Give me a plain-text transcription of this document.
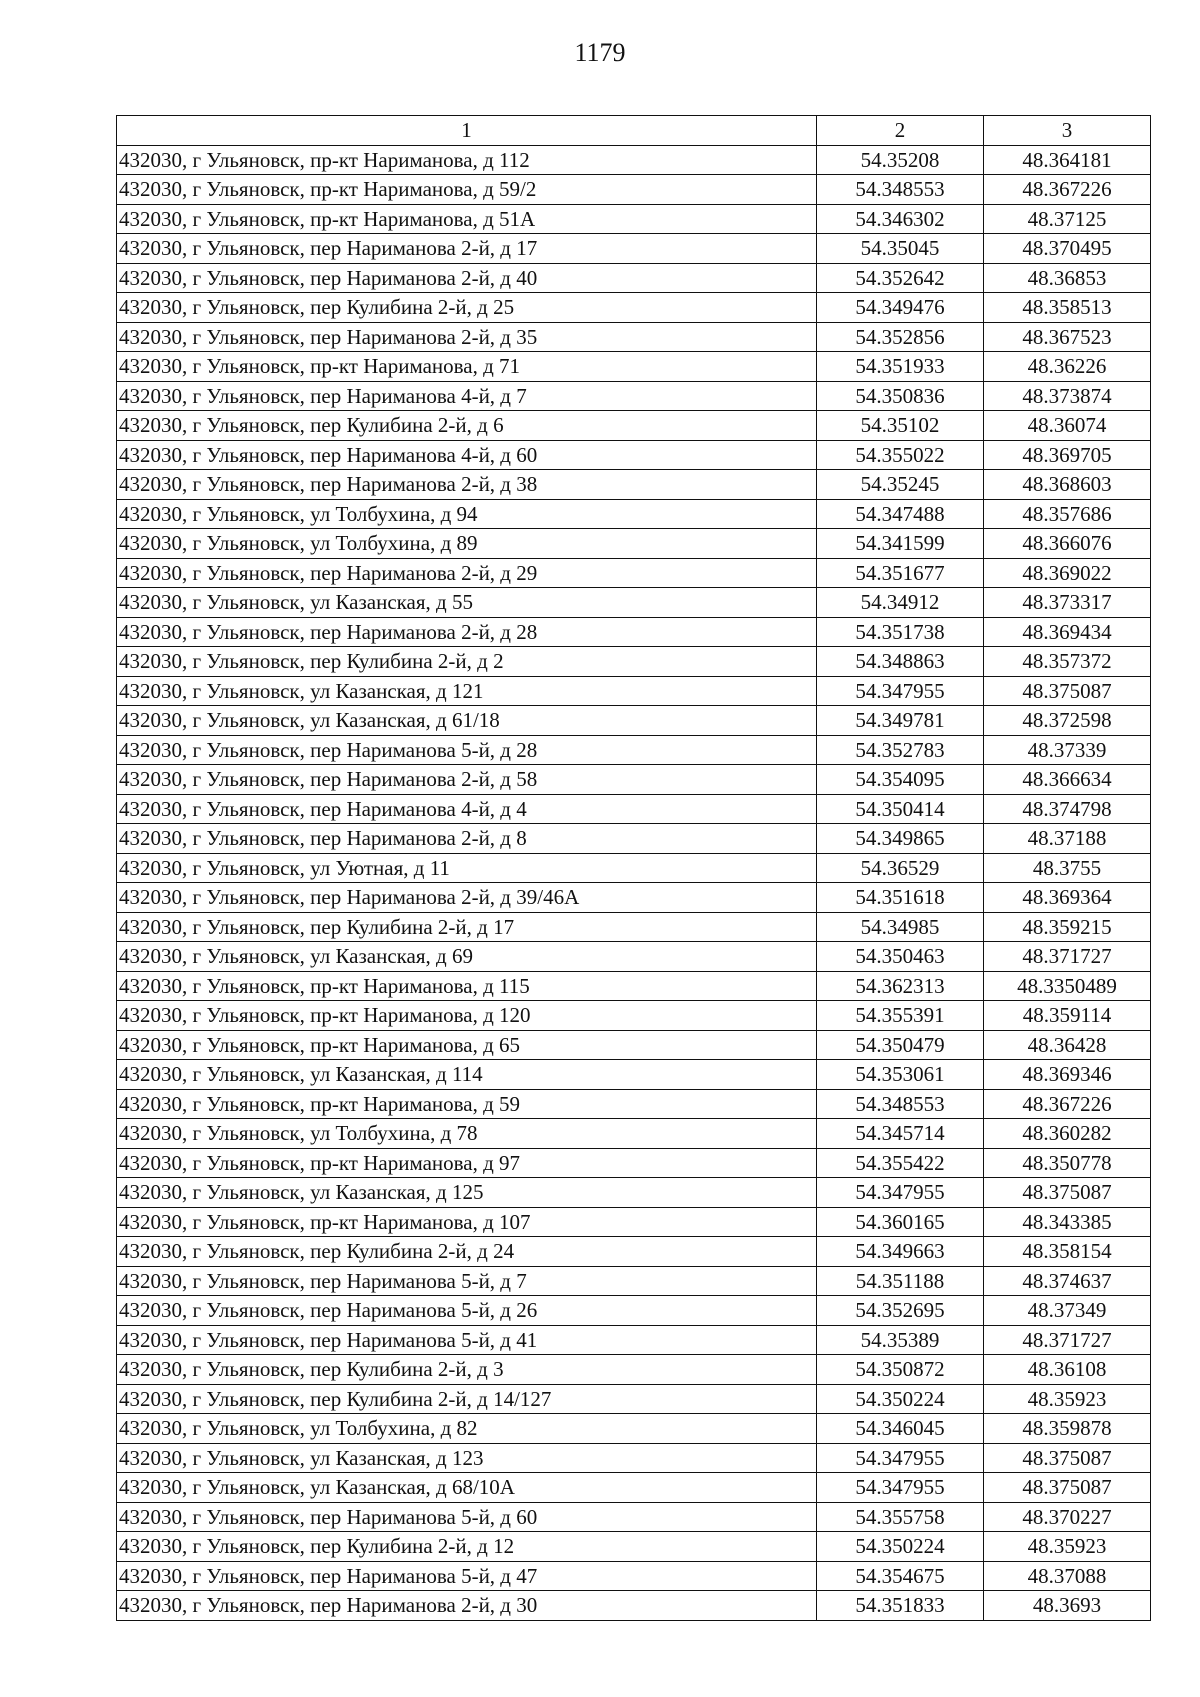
1179
1	2	3
432030, г Ульяновск, пр-кт Нариманова, д 112	54.35208	48.364181
432030, г Ульяновск, пр-кт Нариманова, д 59/2	54.348553	48.367226
432030, г Ульяновск, пр-кт Нариманова, д 51А	54.346302	48.37125
432030, г Ульяновск, пер Нариманова 2-й, д 17	54.35045	48.370495
432030, г Ульяновск, пер Нариманова 2-й, д 40	54.352642	48.36853
432030, г Ульяновск, пер Кулибина 2-й, д 25	54.349476	48.358513
432030, г Ульяновск, пер Нариманова 2-й, д 35	54.352856	48.367523
432030, г Ульяновск, пр-кт Нариманова, д 71	54.351933	48.36226
432030, г Ульяновск, пер Нариманова 4-й, д 7	54.350836	48.373874
432030, г Ульяновск, пер Кулибина 2-й, д 6	54.35102	48.36074
432030, г Ульяновск, пер Нариманова 4-й, д 60	54.355022	48.369705
432030, г Ульяновск, пер Нариманова 2-й, д 38	54.35245	48.368603
432030, г Ульяновск, ул Толбухина, д 94	54.347488	48.357686
432030, г Ульяновск, ул Толбухина, д 89	54.341599	48.366076
432030, г Ульяновск, пер Нариманова 2-й, д 29	54.351677	48.369022
432030, г Ульяновск, ул Казанская, д 55	54.34912	48.373317
432030, г Ульяновск, пер Нариманова 2-й, д 28	54.351738	48.369434
432030, г Ульяновск, пер Кулибина 2-й, д 2	54.348863	48.357372
432030, г Ульяновск, ул Казанская, д 121	54.347955	48.375087
432030, г Ульяновск, ул Казанская, д 61/18	54.349781	48.372598
432030, г Ульяновск, пер Нариманова 5-й, д 28	54.352783	48.37339
432030, г Ульяновск, пер Нариманова 2-й, д 58	54.354095	48.366634
432030, г Ульяновск, пер Нариманова 4-й, д 4	54.350414	48.374798
432030, г Ульяновск, пер Нариманова 2-й, д 8	54.349865	48.37188
432030, г Ульяновск, ул Уютная, д 11	54.36529	48.3755
432030, г Ульяновск, пер Нариманова 2-й, д 39/46А	54.351618	48.369364
432030, г Ульяновск, пер Кулибина 2-й, д 17	54.34985	48.359215
432030, г Ульяновск, ул Казанская, д 69	54.350463	48.371727
432030, г Ульяновск, пр-кт Нариманова, д 115	54.362313	48.3350489
432030, г Ульяновск, пр-кт Нариманова, д 120	54.355391	48.359114
432030, г Ульяновск, пр-кт Нариманова, д 65	54.350479	48.36428
432030, г Ульяновск, ул Казанская, д 114	54.353061	48.369346
432030, г Ульяновск, пр-кт Нариманова, д 59	54.348553	48.367226
432030, г Ульяновск, ул Толбухина, д 78	54.345714	48.360282
432030, г Ульяновск, пр-кт Нариманова, д 97	54.355422	48.350778
432030, г Ульяновск, ул Казанская, д 125	54.347955	48.375087
432030, г Ульяновск, пр-кт Нариманова, д 107	54.360165	48.343385
432030, г Ульяновск, пер Кулибина 2-й, д 24	54.349663	48.358154
432030, г Ульяновск, пер Нариманова 5-й, д 7	54.351188	48.374637
432030, г Ульяновск, пер Нариманова 5-й, д 26	54.352695	48.37349
432030, г Ульяновск, пер Нариманова 5-й, д 41	54.35389	48.371727
432030, г Ульяновск, пер Кулибина 2-й, д 3	54.350872	48.36108
432030, г Ульяновск, пер Кулибина 2-й, д 14/127	54.350224	48.35923
432030, г Ульяновск, ул Толбухина, д 82	54.346045	48.359878
432030, г Ульяновск, ул Казанская, д 123	54.347955	48.375087
432030, г Ульяновск, ул Казанская, д 68/10А	54.347955	48.375087
432030, г Ульяновск, пер Нариманова 5-й, д 60	54.355758	48.370227
432030, г Ульяновск, пер Кулибина 2-й, д 12	54.350224	48.35923
432030, г Ульяновск, пер Нариманова 5-й, д 47	54.354675	48.37088
432030, г Ульяновск, пер Нариманова 2-й, д 30	54.351833	48.3693
